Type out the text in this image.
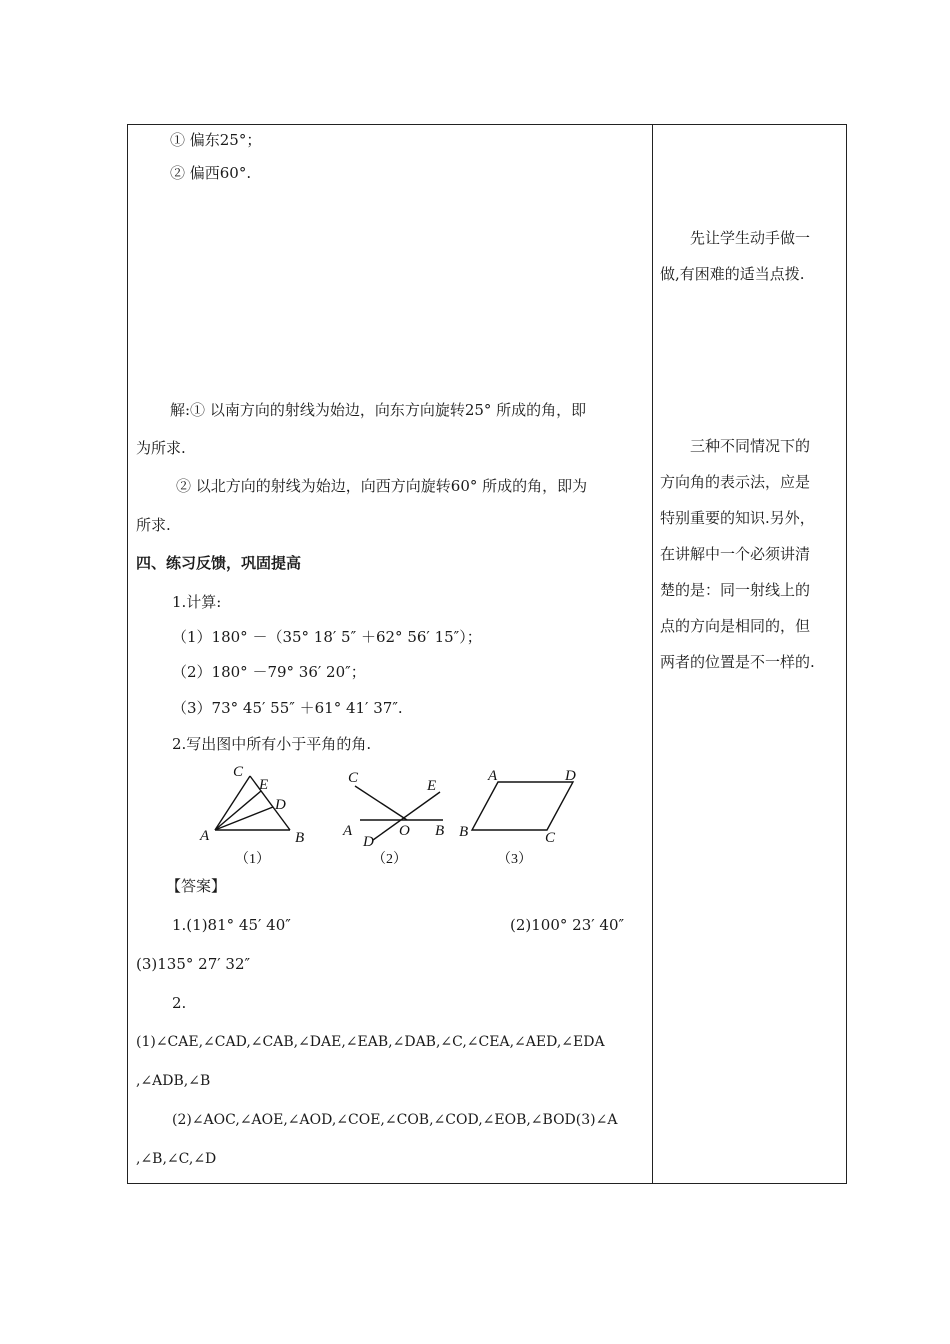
① 偏东25°；
② 偏西60°.
解:① 以南方向的射线为始边，向东方向旋转25° 所成的角，即
为所求.
② 以北方向的射线为始边，向西方向旋转60° 所成的角，即为
所求.
四、练习反馈，巩固提高
1.计算:
（1）180° －（35° 18′ 5″ ＋62° 56′ 15″）；
（2）180° －79° 36′ 20″；
（3）73° 45′ 55″ ＋61° 41′ 37″.
2.写出图中所有小于平角的角.
C
E
D
A	B
（1）
C	E
A
D
O B
（2）
A	D
B	C
（3）
【答案】
1.(1)81° 45′ 40″	(2)100° 23′ 40″
(3)135° 27′ 32″
2.
(1)∠CAE,∠CAD,∠CAB,∠DAE,∠EAB,∠DAB,∠C,∠CEA,∠AED,∠EDA
,∠ADB,∠B
(2)∠AOC,∠AOE,∠AOD,∠COE,∠COB,∠COD,∠EOB,∠BOD(3)∠A
,∠B,∠C,∠D

先让学生动手做一

做,有困难的适当点拨.

三种不同情况下的

方向角的表示法，应是

特别重要的知识.另外，

在讲解中一个必须讲清

楚的是：同一射线上的

点的方向是相同的，但

两者的位置是不一样的.
